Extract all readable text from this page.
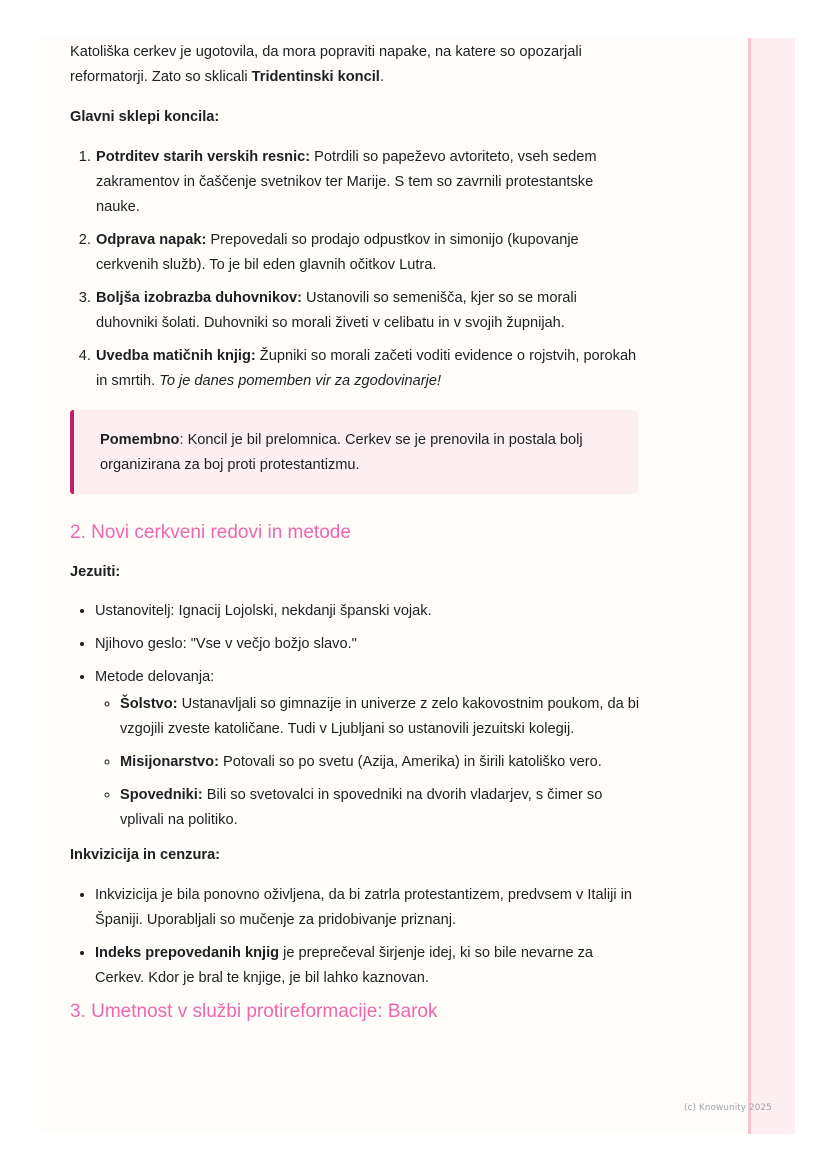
Katoliška cerkev je ugotovila, da mora popraviti napake, na katere so opozarjali reformatorji. Zato so sklicali Tridentinski koncil.

Glavni sklepi koncila:

1. Potrditev starih verskih resnic: Potrdili so papeževo avtoriteto, vseh sedem zakramentov in čaščenje svetnikov ter Marije. S tem so zavrnili protestantske nauke.
2. Odprava napak: Prepovedali so prodajo odpustkov in simonijo (kupovanje cerkvenih služb). To je bil eden glavnih očitkov Lutra.
3. Boljša izobrazba duhovnikov: Ustanovili so semenišča, kjer so se morali duhovniki šolati. Duhovniki so morali živeti v celibatu in v svojih župnijah.
4. Uvedba matičnih knjig: Župniki so morali začeti voditi evidence o rojstvih, porokah in smrtih. To je danes pomemben vir za zgodovinarje!

Pomembno: Koncil je bil prelomnica. Cerkev se je prenovila in postala bolj organizirana za boj proti protestantizmu.

2. Novi cerkveni redovi in metode

Jezuiti:

• Ustanovitelj: Ignacij Lojolski, nekdanji španski vojak.
• Njihovo geslo: "Vse v večjo božjo slavo."
• Metode delovanja:
◦ Šolstvo: Ustanavljali so gimnazije in univerze z zelo kakovostnim poukom, da bi vzgojili zveste katoličane. Tudi v Ljubljani so ustanovili jezuitski kolegij.
◦ Misijonarstvo: Potovali so po svetu (Azija, Amerika) in širili katoliško vero.
◦ Spovedniki: Bili so svetovalci in spovedniki na dvorih vladarjev, s čimer so vplivali na politiko.

Inkvizicija in cenzura:

• Inkvizicija je bila ponovno oživljena, da bi zatrla protestantizem, predvsem v Italiji in Španiji. Uporabljali so mučenje za pridobivanje priznanj.
• Indeks prepovedanih knjig je preprečeval širjenje idej, ki so bile nevarne za Cerkev. Kdor je bral te knjige, je bil lahko kaznovan.
3. Umetnost v službi protireformacije: Barok
(c) Knowunity 2025
